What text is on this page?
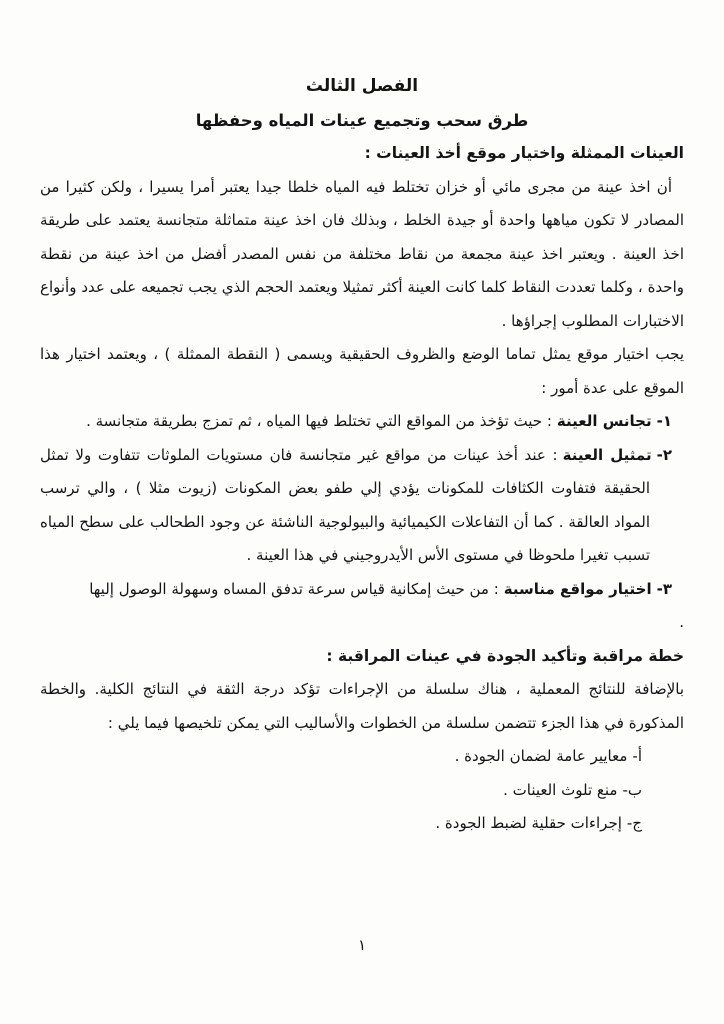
الفصل الثالث
طرق سحب وتجميع عينات المياه وحفظها
العينات الممثلة واختيار موقع أخذ العينات :

أن اخذ عينة من مجرى مائي أو خزان تختلط فيه المياه خلطا جيدا يعتبر أمرا يسيرا ، ولكن كثيرا من المصادر لا تكون مياهها واحدة أو جيدة الخلط ، وبذلك فان اخذ عينة متماثلة متجانسة يعتمد على طريقة اخذ العينة . ويعتبر اخذ عينة مجمعة من نقاط مختلفة من نفس المصدر أفضل من اخذ عينة من نقطة واحدة ، وكلما تعددت النقاط كلما كانت العينة أكثر تمثيلا ويعتمد الحجم الذي يجب تجميعه على عدد وأنواع الاختبارات المطلوب إجراؤها .

يجب اختيار موقع يمثل تماما الوضع والظروف الحقيقية ويسمى ( النقطة الممثلة ) ، ويعتمد اختيار هذا الموقع على عدة أمور :

١-تجانس العينة: حيث تؤخذ من المواقع التي تختلط فيها المياه ، ثم تمزج بطريقة متجانسة .
٢-تمثيل العينة: عند أخذ عينات من مواقع غير متجانسة فان مستويات الملوثات تتفاوت ولا تمثل الحقيقة فتفاوت الكثافات للمكونات يؤدي إلي طفو بعض المكونات (زيوت مثلا ) ، والي ترسب المواد العالقة . كما أن التفاعلات الكيميائية والبيولوجية الناشئة عن وجود الطحالب على سطح المياه تسبب تغيرا ملحوظا في مستوى الأس الأيدروجيني في هذا العينة .
٣-اختيار مواقع مناسبة: من حيث إمكانية قياس سرعة تدفق المساه وسهولة الوصول إليها
.
خطة مراقبة وتأكيد الجودة في عينات المراقبة :

بالإضافة للنتائج المعملية ، هناك سلسلة من الإجراءات تؤكد درجة الثقة في النتائج الكلية. والخطة المذكورة في هذا الجزء تتضمن سلسلة من الخطوات والأساليب التي يمكن تلخيصها فيما يلي :

أ-معايير عامة لضمان الجودة .
ب-منع تلوث العينات .
ج-إجراءات حقلية لضبط الجودة .
١
